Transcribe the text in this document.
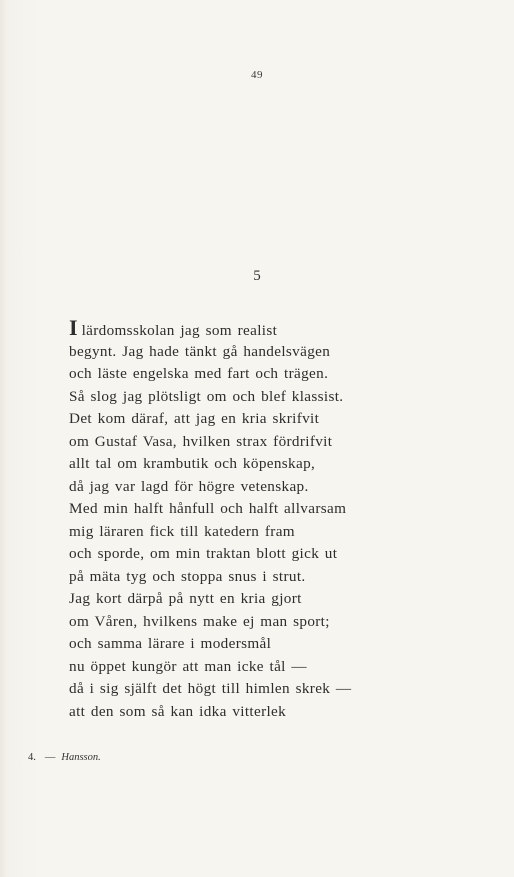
49
5
I lärdomsskolan jag som realist
begynt. Jag hade tänkt gå handelsvägen
och läste engelska med fart och trägen.
Så slog jag plötsligt om och blef klassist.
Det kom däraf, att jag en kria skrifvit
om Gustaf Vasa, hvilken strax fördrifvit
allt tal om krambutik och köpenskap,
då jag var lagd för högre vetenskap.
Med min halft hånfull och halft allvarsam
mig läraren fick till katedern fram
och sporde, om min traktan blott gick ut
på mäta tyg och stoppa snus i strut.
Jag kort därpå på nytt en kria gjort
om Våren, hvilkens make ej man sport;
och samma lärare i modersmål
nu öppet kungör att man icke tål —
då i sig själft det högt till himlen skrek —
att den som så kan idka vitterlek
4. — Hansson.
